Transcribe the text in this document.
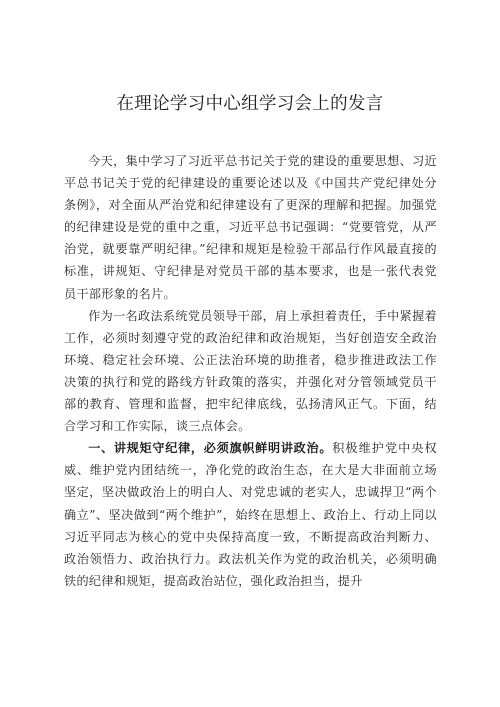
在理论学习中心组学习会上的发言

今天，集中学习了习近平总书记关于党的建设的重要思想、习近平总书记关于党的纪律建设的重要论述以及《中国共产党纪律处分条例》，对全面从严治党和纪律建设有了更深的理解和把握。加强党的纪律建设是党的重中之重，习近平总书记强调：“党要管党，从严治党，就要靠严明纪律。”纪律和规矩是检验干部品行作风最直接的标准，讲规矩、守纪律是对党员干部的基本要求，也是一张代表党员干部形象的名片。

作为一名政法系统党员领导干部，肩上承担着责任，手中紧握着工作，必须时刻遵守党的政治纪律和政治规矩，当好创造安全政治环境、稳定社会环境、公正法治环境的助推者，稳步推进政法工作决策的执行和党的路线方针政策的落实，并强化对分管领域党员干部的教育、管理和监督，把牢纪律底线，弘扬清风正气。下面，结合学习和工作实际，谈三点体会。

一、讲规矩守纪律，必须旗帜鲜明讲政治。积极维护党中央权威、维护党内团结统一，净化党的政治生态，在大是大非面前立场坚定，坚决做政治上的明白人、对党忠诚的老实人，忠诚捍卫“两个确立”、坚决做到“两个维护”，始终在思想上、政治上、行动上同以习近平同志为核心的党中央保持高度一致，不断提高政治判断力、政治领悟力、政治执行力。政法机关作为党的政治机关，必须明确铁的纪律和规矩，提高政治站位，强化政治担当，提升
